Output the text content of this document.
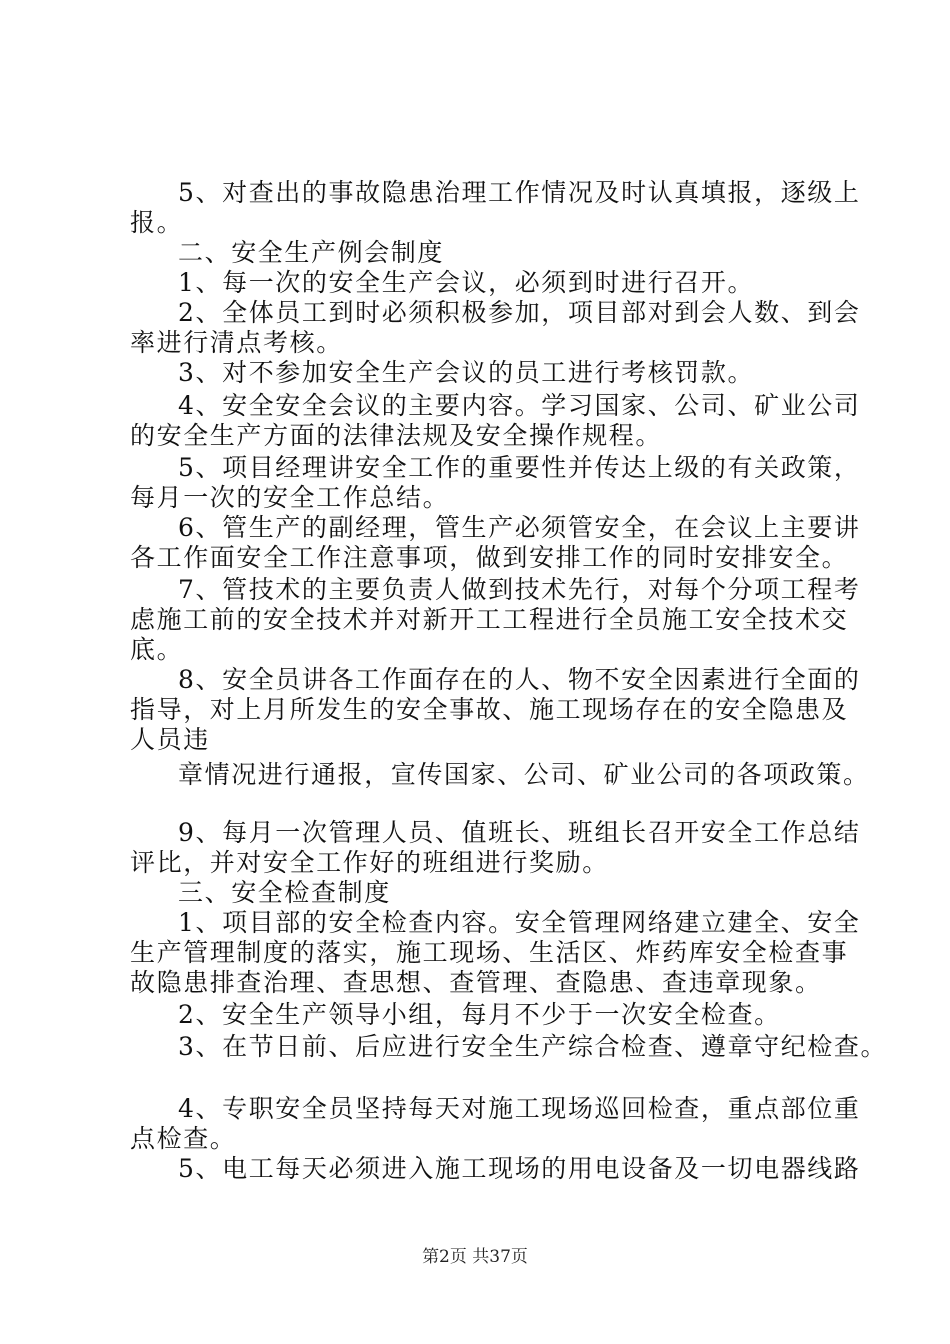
5、对查出的事故隐患治理工作情况及时认真填报，逐级上
报。
二、安全生产例会制度
1、每一次的安全生产会议，必须到时进行召开。
2、全体员工到时必须积极参加，项目部对到会人数、到会
率进行清点考核。
3、对不参加安全生产会议的员工进行考核罚款。
4、安全安全会议的主要内容。学习国家、公司、矿业公司
的安全生产方面的法律法规及安全操作规程。
5、项目经理讲安全工作的重要性并传达上级的有关政策，
每月一次的安全工作总结。
6、管生产的副经理，管生产必须管安全，在会议上主要讲
各工作面安全工作注意事项，做到安排工作的同时安排安全。
7、管技术的主要负责人做到技术先行，对每个分项工程考
虑施工前的安全技术并对新开工工程进行全员施工安全技术交
底。
8、安全员讲各工作面存在的人、物不安全因素进行全面的
指导，对上月所发生的安全事故、施工现场存在的安全隐患及
人员违
章情况进行通报，宣传国家、公司、矿业公司的各项政策。
9、每月一次管理人员、值班长、班组长召开安全工作总结
评比，并对安全工作好的班组进行奖励。
三、安全检查制度
1、项目部的安全检查内容。安全管理网络建立建全、安全
生产管理制度的落实，施工现场、生活区、炸药库安全检查事
故隐患排查治理、查思想、查管理、查隐患、查违章现象。
2、安全生产领导小组，每月不少于一次安全检查。
3、在节日前、后应进行安全生产综合检查、遵章守纪检查。
4、专职安全员坚持每天对施工现场巡回检查，重点部位重
点检查。
5、电工每天必须进入施工现场的用电设备及一切电器线路
第2页 共37页
